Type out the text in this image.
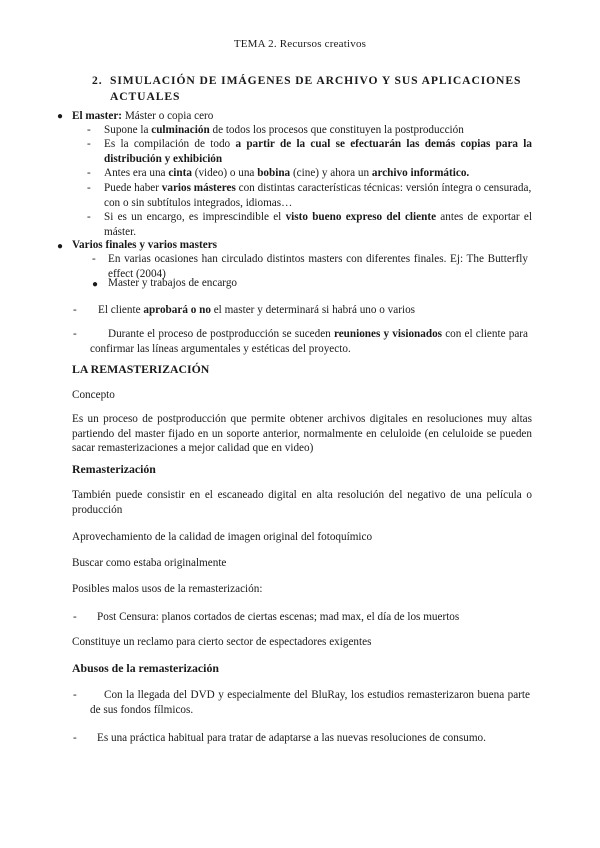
TEMA 2. Recursos creativos
2. SIMULACIÓN DE IMÁGENES DE ARCHIVO Y SUS APLICACIONES
ACTUALES
● El master: Máster o copia cero
- Supone la culminación de todos los procesos que constituyen la postproducción
- Es la compilación de todo a partir de la cual se efectuarán las demás copias para la distribución y exhibición
- Antes era una cinta (video) o una bobina (cine) y ahora un archivo informático.
- Puede haber varios másteres con distintas características técnicas: versión íntegra o censurada, con o sin subtítulos integrados, idiomas…
- Si es un encargo, es imprescindible el visto bueno expreso del cliente antes de exportar el máster.
● Varios finales y varios masters
- En varias ocasiones han circulado distintos masters con diferentes finales. Ej: The Butterfly effect (2004)
● Master y trabajos de encargo
- El cliente aprobará o no el master y determinará si habrá uno o varios
-	Durante el proceso de postproducción se suceden reuniones y visionados con el cliente para confirmar las líneas argumentales y estéticas del proyecto.
LA REMASTERIZACIÓN
Concepto
Es un proceso de postproducción que permite obtener archivos digitales en resoluciones muy altas partiendo del master fijado en un soporte anterior, normalmente en celuloide (en celuloide se pueden sacar remasterizaciones a mejor calidad que en video)
Remasterización
También puede consistir en el escaneado digital en alta resolución del negativo de una película o producción
Aprovechamiento de la calidad de imagen original del fotoquímico
Buscar como estaba originalmente
Posibles malos usos de la remasterización:
- Post Censura: planos cortados de ciertas escenas; mad max, el día de los muertos
Constituye un reclamo para cierto sector de espectadores exigentes
Abusos de la remasterización
-	Con la llegada del DVD y especialmente del BluRay, los estudios remasterizaron buena parte de sus fondos fílmicos.
- Es una práctica habitual para tratar de adaptarse a las nuevas resoluciones de consumo.
